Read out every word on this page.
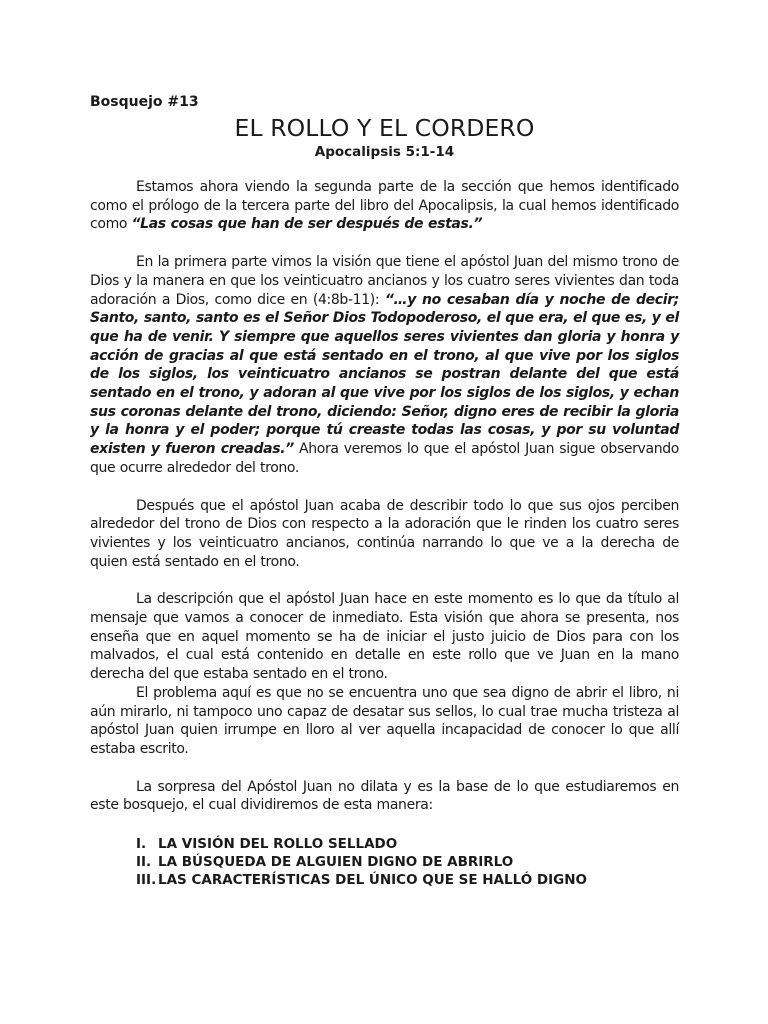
Bosquejo #13

EL ROLLO Y EL CORDERO

Apocalipsis 5:1-14

Estamos ahora viendo la segunda parte de la sección que hemos identificado como el prólogo de la tercera parte del libro del Apocalipsis, la cual hemos identificado como “Las cosas que han de ser después de estas.”

En la primera parte vimos la visión que tiene el apóstol Juan del mismo trono de Dios y la manera en que los veinticuatro ancianos y los cuatro seres vivientes dan toda adoración a Dios, como dice en (4:8b-11): “…y no cesaban día y noche de decir; Santo, santo, santo es el Señor Dios Todopoderoso, el que era, el que es, y el que ha de venir. Y siempre que aquellos seres vivientes dan gloria y honra y acción de gracias al que está sentado en el trono, al que vive por los siglos de los siglos, los veinticuatro ancianos se postran delante del que está sentado en el trono, y adoran al que vive por los siglos de los siglos, y echan sus coronas delante del trono, diciendo: Señor, digno eres de recibir la gloria y la honra y el poder; porque tú creaste todas las cosas, y por su voluntad existen y fueron creadas.” Ahora veremos lo que el apóstol Juan sigue observando que ocurre alrededor del trono.

Después que el apóstol Juan acaba de describir todo lo que sus ojos perciben alrededor del trono de Dios con respecto a la adoración que le rinden los cuatro seres vivientes y los veinticuatro ancianos, continúa narrando lo que ve a la derecha de quien está sentado en el trono.

La descripción que el apóstol Juan hace en este momento es lo que da título al mensaje que vamos a conocer de inmediato. Esta visión que ahora se presenta, nos enseña que en aquel momento se ha de iniciar el justo juicio de Dios para con los malvados, el cual está contenido en detalle en este rollo que ve Juan en la mano derecha del que estaba sentado en el trono.

El problema aquí es que no se encuentra uno que sea digno de abrir el libro, ni aún mirarlo, ni tampoco uno capaz de desatar sus sellos, lo cual trae mucha tristeza al apóstol Juan quien irrumpe en lloro al ver aquella incapacidad de conocer lo que allí estaba escrito.

La sorpresa del Apóstol Juan no dilata y es la base de lo que estudiaremos en este bosquejo, el cual dividiremos de esta manera:

I. LA VISIÓN DEL ROLLO SELLADO
II. LA BÚSQUEDA DE ALGUIEN DIGNO DE ABRIRLO
III. LAS CARACTERÍSTICAS DEL ÚNICO QUE SE HALLÓ DIGNO
